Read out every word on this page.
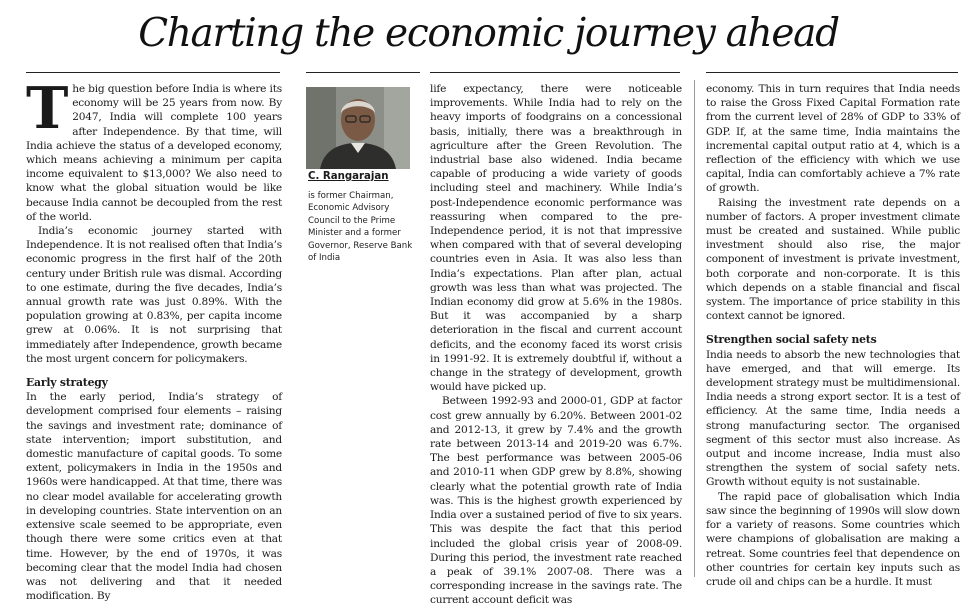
Charting the economic journey ahead
T he big question before India is where its economy will be 25 years from now. By 2047, India will complete 100 years after Independence. By that time, will India achieve the status of a developed economy, which means achieving a minimum per capita income equivalent to $13,000? We also need to know what the global situation would be like because India cannot be decoupled from the rest of the world.

India’s economic journey started with Independence. It is not realised often that India’s economic progress in the first half of the 20th century under British rule was dismal. According to one estimate, during the five decades, India’s annual growth rate was just 0.89%. With the population growing at 0.83%, per capita income grew at 0.06%. It is not surprising that immediately after Independence, growth became the most urgent concern for policymakers.

Early strategy

In the early period, India’s strategy of development comprised four elements – raising the savings and investment rate; dominance of state intervention; import substitution, and domestic manufacture of capital goods. To some extent, policymakers in India in the 1950s and 1960s were handicapped. At that time, there was no clear model available for accelerating growth in developing countries. State intervention on an extensive scale seemed to be appropriate, even though there were some critics even at that time. However, by the end of 1970s, it was becoming clear that the model India had chosen was not delivering and that it needed modification. By

C. Rangarajan
is former Chairman, Economic Advisory Council to the Prime Minister and a former Governor, Reserve Bank of India

life expectancy, there were noticeable improvements. While India had to rely on the heavy imports of foodgrains on a concessional basis, initially, there was a breakthrough in agriculture after the Green Revolution. The industrial base also widened. India became capable of producing a wide variety of goods including steel and machinery. While India’s post-Independence economic performance was reassuring when compared to the pre-Independence period, it is not that impressive when compared with that of several developing countries even in Asia. It was also less than India’s expectations. Plan after plan, actual growth was less than what was projected. The Indian economy did grow at 5.6% in the 1980s. But it was accompanied by a sharp deterioration in the fiscal and current account deficits, and the economy faced its worst crisis in 1991-92. It is extremely doubtful if, without a change in the strategy of development, growth would have picked up.

Between 1992-93 and 2000-01, GDP at factor cost grew annually by 6.20%. Between 2001-02 and 2012-13, it grew by 7.4% and the growth rate between 2013-14 and 2019-20 was 6.7%. The best performance was between 2005-06 and 2010-11 when GDP grew by 8.8%, showing clearly what the potential growth rate of India was. This is the highest growth experienced by India over a sustained period of five to six years. This was despite the fact that this period included the global crisis year of 2008-09. During this period, the investment rate reached a peak of 39.1% 2007-08. There was a corresponding increase in the savings rate. The current account deficit was

economy. This in turn requires that India needs to raise the Gross Fixed Capital Formation rate from the current level of 28% of GDP to 33% of GDP. If, at the same time, India maintains the incremental capital output ratio at 4, which is a reflection of the efficiency with which we use capital, India can comfortably achieve a 7% rate of growth.

Raising the investment rate depends on a number of factors. A proper investment climate must be created and sustained. While public investment should also rise, the major component of investment is private investment, both corporate and non-corporate. It is this which depends on a stable financial and fiscal system. The importance of price stability in this context cannot be ignored.

Strengthen social safety nets

India needs to absorb the new technologies that have emerged, and that will emerge. Its development strategy must be multidimensional. India needs a strong export sector. It is a test of efficiency. At the same time, India needs a strong manufacturing sector. The organised segment of this sector must also increase. As output and income increase, India must also strengthen the system of social safety nets. Growth without equity is not sustainable.

The rapid pace of globalisation which India saw since the beginning of 1990s will slow down for a variety of reasons. Some countries which were champions of globalisation are making a retreat. Some countries feel that dependence on other countries for certain key inputs such as crude oil and chips can be a hurdle. It must
